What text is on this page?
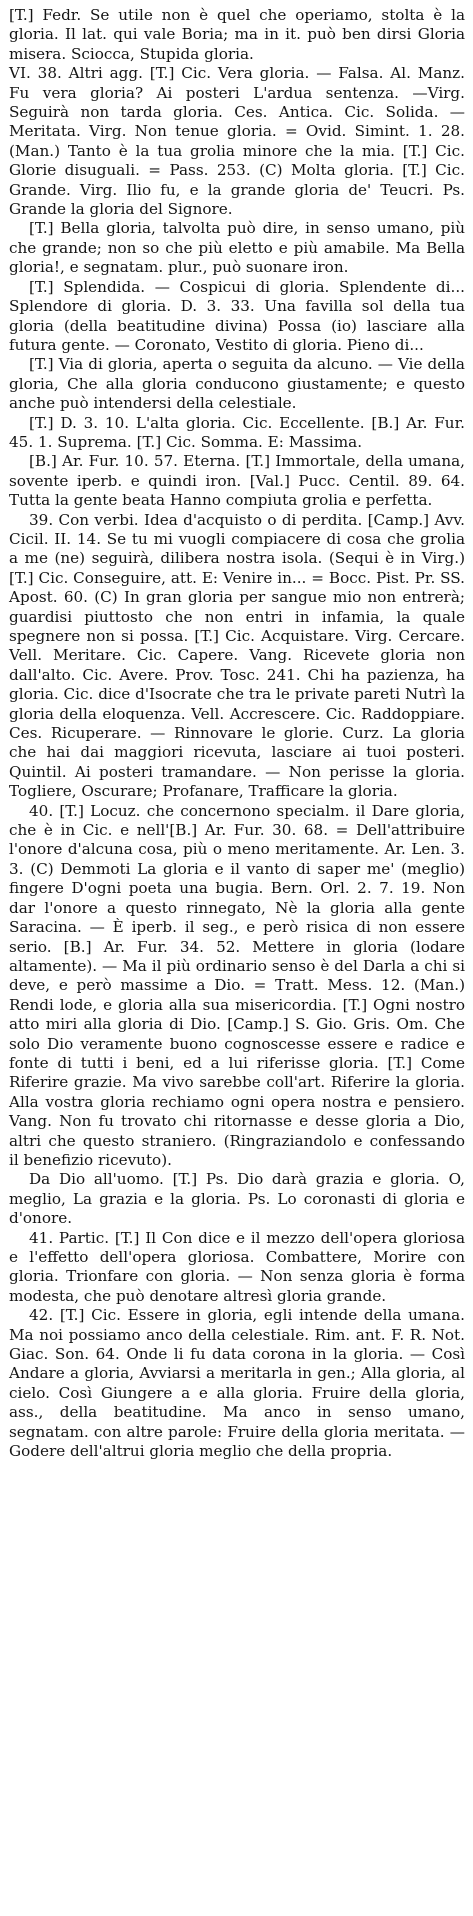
[T.] Fedr. Se utile non è quel che operiamo, stolta è la gloria. Il lat. qui vale Boria; ma in it. può ben dirsi Gloria misera. Sciocca, Stupida gloria.

VI. 38. Altri agg. [T.] Cic. Vera gloria. — Falsa. Al. Manz. Fu vera gloria? Ai posteri L'ardua sentenza. —Virg. Seguirà non tarda gloria. Ces. Antica. Cic. Solida. — Meritata. Virg. Non tenue gloria. = Ovid. Simint. 1. 28. (Man.) Tanto è la tua grolia minore che la mia. [T.] Cic. Glorie disuguali. = Pass. 253. (C) Molta gloria. [T.] Cic. Grande. Virg. Ilio fu, e la grande gloria de' Teucri. Ps. Grande la gloria del Signore.

[T.] Bella gloria, talvolta può dire, in senso umano, più che grande; non so che più eletto e più amabile. Ma Bella gloria!, e segnatam. plur., può suonare iron.

[T.] Splendida. — Cospicui di gloria. Splendente di... Splendore di gloria. D. 3. 33. Una favilla sol della tua gloria (della beatitudine divina) Possa (io) lasciare alla futura gente. — Coronato, Vestito di gloria. Pieno di...

[T.] Via di gloria, aperta o seguita da alcuno. — Vie della gloria, Che alla gloria conducono giustamente; e questo anche può intendersi della celestiale.

[T.] D. 3. 10. L'alta gloria. Cic. Eccellente. [B.] Ar. Fur. 45. 1. Suprema. [T.] Cic. Somma. E: Massima.

[B.] Ar. Fur. 10. 57. Eterna. [T.] Immortale, della umana, sovente iperb. e quindi iron. [Val.] Pucc. Centil. 89. 64. Tutta la gente beata Hanno compiuta grolia e perfetta.

39. Con verbi. Idea d'acquisto o di perdita. [Camp.] Avv. Cicil. II. 14. Se tu mi vuogli compiacere di cosa che grolia a me (ne) seguirà, dilibera nostra isola. (Sequi è in Virg.) [T.] Cic. Conseguire, att. E: Venire in... = Bocc. Pist. Pr. SS. Apost. 60. (C) In gran gloria per sangue mio non entrerà; guardisi piuttosto che non entri in infamia, la quale spegnere non si possa. [T.] Cic. Acquistare. Virg. Cercare. Vell. Meritare. Cic. Capere. Vang. Ricevete gloria non dall'alto. Cic. Avere. Prov. Tosc. 241. Chi ha pazienza, ha gloria. Cic. dice d'Isocrate che tra le private pareti Nutrì la gloria della eloquenza. Vell. Accrescere. Cic. Raddoppiare. Ces. Ricuperare. — Rinnovare le glorie. Curz. La gloria che hai dai maggiori ricevuta, lasciare ai tuoi posteri. Quintil. Ai posteri tramandare. — Non perisse la gloria. Togliere, Oscurare; Profanare, Trafficare la gloria.

40. [T.] Locuz. che concernono specialm. il Dare gloria, che è in Cic. e nell'[B.] Ar. Fur. 30. 68. = Dell'attribuire l'onore d'alcuna cosa, più o meno meritamente. Ar. Len. 3. 3. (C) Demmoti La gloria e il vanto di saper me' (meglio) fingere D'ogni poeta una bugia. Bern. Orl. 2. 7. 19. Non dar l'onore a questo rinnegato, Nè la gloria alla gente Saracina. — È iperb. il seg., e però risica di non essere serio. [B.] Ar. Fur. 34. 52. Mettere in gloria (lodare altamente). — Ma il più ordinario senso è del Darla a chi si deve, e però massime a Dio. = Tratt. Mess. 12. (Man.) Rendi lode, e gloria alla sua misericordia. [T.] Ogni nostro atto miri alla gloria di Dio. [Camp.] S. Gio. Gris. Om. Che solo Dio veramente buono cognoscesse essere e radice e fonte di tutti i beni, ed a lui riferisse gloria. [T.] Come Riferire grazie. Ma vivo sarebbe coll'art. Riferire la gloria. Alla vostra gloria rechiamo ogni opera nostra e pensiero. Vang. Non fu trovato chi ritornasse e desse gloria a Dio, altri che questo straniero. (Ringraziandolo e confessando il benefizio ricevuto).

Da Dio all'uomo. [T.] Ps. Dio darà grazia e gloria. O, meglio, La grazia e la gloria. Ps. Lo coronasti di gloria e d'onore.

41. Partic. [T.] Il Con dice e il mezzo dell'opera gloriosa e l'effetto dell'opera gloriosa. Combattere, Morire con gloria. Trionfare con gloria. — Non senza gloria è forma modesta, che può denotare altresì gloria grande.

42. [T.] Cic. Essere in gloria, egli intende della umana. Ma noi possiamo anco della celestiale. Rim. ant. F. R. Not. Giac. Son. 64. Onde li fu data corona in la gloria. — Così Andare a gloria, Avviarsi a meritarla in gen.; Alla gloria, al cielo. Così Giungere a e alla gloria. Fruire della gloria, ass., della beatitudine. Ma anco in senso umano, segnatam. con altre parole: Fruire della gloria meritata. — Godere dell'altrui gloria meglio che della propria.
